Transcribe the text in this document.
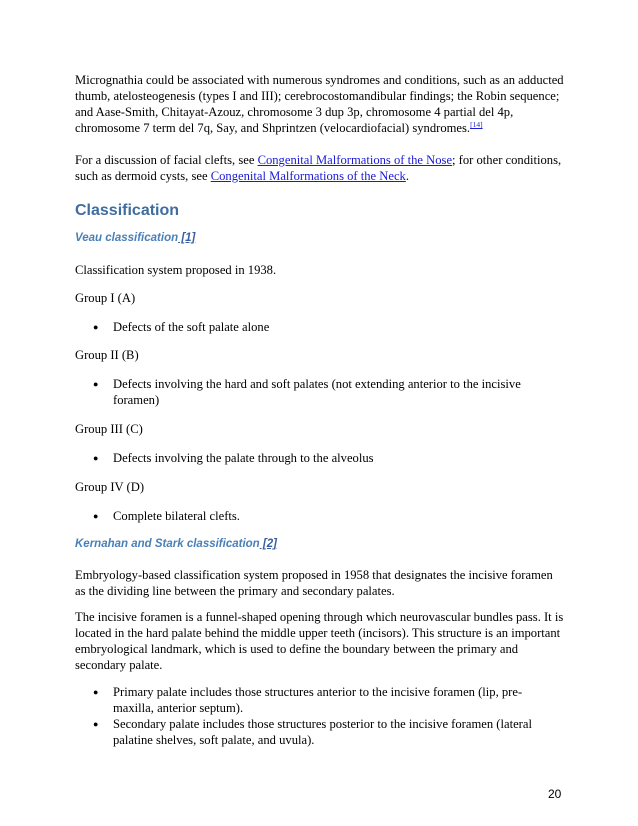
Micrognathia could be associated with numerous syndromes and conditions, such as an adducted thumb, atelosteogenesis (types I and III); cerebrocostomandibular findings; the Robin sequence; and Aase-Smith, Chitayat-Azouz, chromosome 3 dup 3p, chromosome 4 partial del 4p, chromosome 7 term del 7q, Say, and Shprintzen (velocardiofacial) syndromes.[14]
For a discussion of facial clefts, see Congenital Malformations of the Nose; for other conditions, such as dermoid cysts, see Congenital Malformations of the Neck.
Classification
Veau classification [1]
Classification system proposed in 1938.
Group I (A)
● Defects of the soft palate alone
Group II (B)
● Defects involving the hard and soft palates (not extending anterior to the incisive foramen)
Group III (C)
● Defects involving the palate through to the alveolus
Group IV (D)
● Complete bilateral clefts.
Kernahan and Stark classification [2]
Embryology-based classification system proposed in 1958 that designates the incisive foramen as the dividing line between the primary and secondary palates.
The incisive foramen is a funnel-shaped opening through which neurovascular bundles pass. It is located in the hard palate behind the middle upper teeth (incisors). This structure is an important embryological landmark, which is used to define the boundary between the primary and secondary palate.
● Primary palate includes those structures anterior to the incisive foramen (lip, pre-maxilla, anterior septum).
● Secondary palate includes those structures posterior to the incisive foramen (lateral palatine shelves, soft palate, and uvula).
20
